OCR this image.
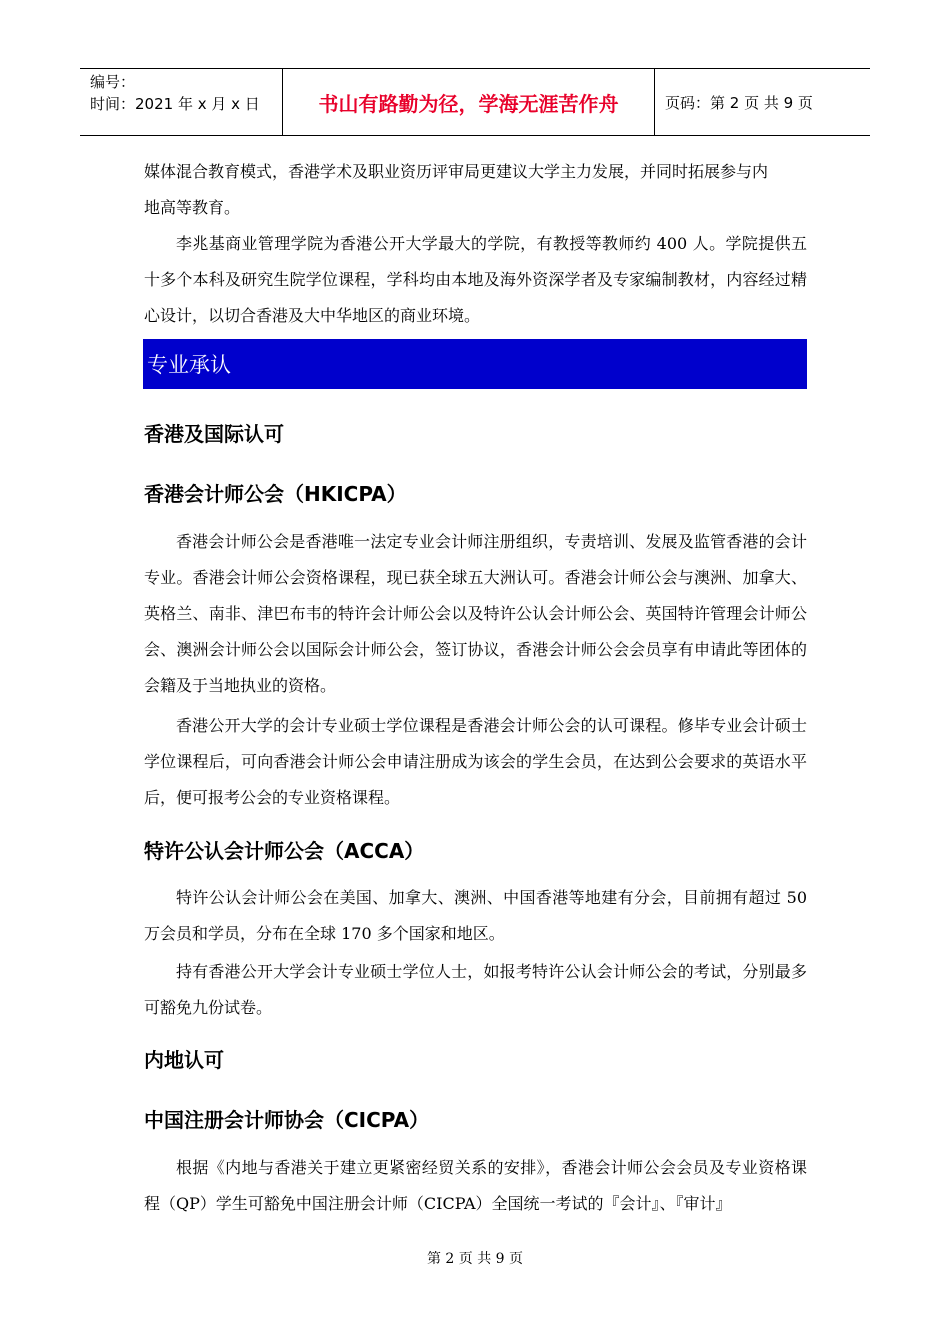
编号：
时间：2021 年 x 月 x 日	书山有路勤为径，学海无涯苦作舟	页码：第 2 页 共 9 页

媒体混合教育模式，香港学术及职业资历评审局更建议大学主力发展，并同时拓展参与内

地高等教育。

李兆基商业管理学院为香港公开大学最大的学院，有教授等教师约 400 人。学院提供五十多个本科及研究生院学位课程，学科均由本地及海外资深学者及专家编制教材，内容经过精心设计，以切合香港及大中华地区的商业环境。

专业承认
香港及国际认可
香港会计师公会（HKICPA）

香港会计师公会是香港唯一法定专业会计师注册组织，专责培训、发展及监管香港的会计专业。香港会计师公会资格课程，现已获全球五大洲认可。香港会计师公会与澳洲、加拿大、英格兰、南非、津巴布韦的特许会计师公会以及特许公认会计师公会、英国特许管理会计师公会、澳洲会计师公会以国际会计师公会，签订协议，香港会计师公会会员享有申请此等团体的会籍及于当地执业的资格。

香港公开大学的会计专业硕士学位课程是香港会计师公会的认可课程。修毕专业会计硕士学位课程后，可向香港会计师公会申请注册成为该会的学生会员，在达到公会要求的英语水平后，便可报考公会的专业资格课程。

特许公认会计师公会（ACCA）

特许公认会计师公会在美国、加拿大、澳洲、中国香港等地建有分会，目前拥有超过 50 万会员和学员，分布在全球 170 多个国家和地区。

持有香港公开大学会计专业硕士学位人士，如报考特许公认会计师公会的考试，分别最多可豁免九份试卷。

内地认可
中国注册会计师协会（CICPA）

根据《内地与香港关于建立更紧密经贸关系的安排》，香港会计师公会会员及专业资格课程（QP）学生可豁免中国注册会计师（CICPA）全国统一考试的『会计』、『审计』

第 2 页 共 9 页
